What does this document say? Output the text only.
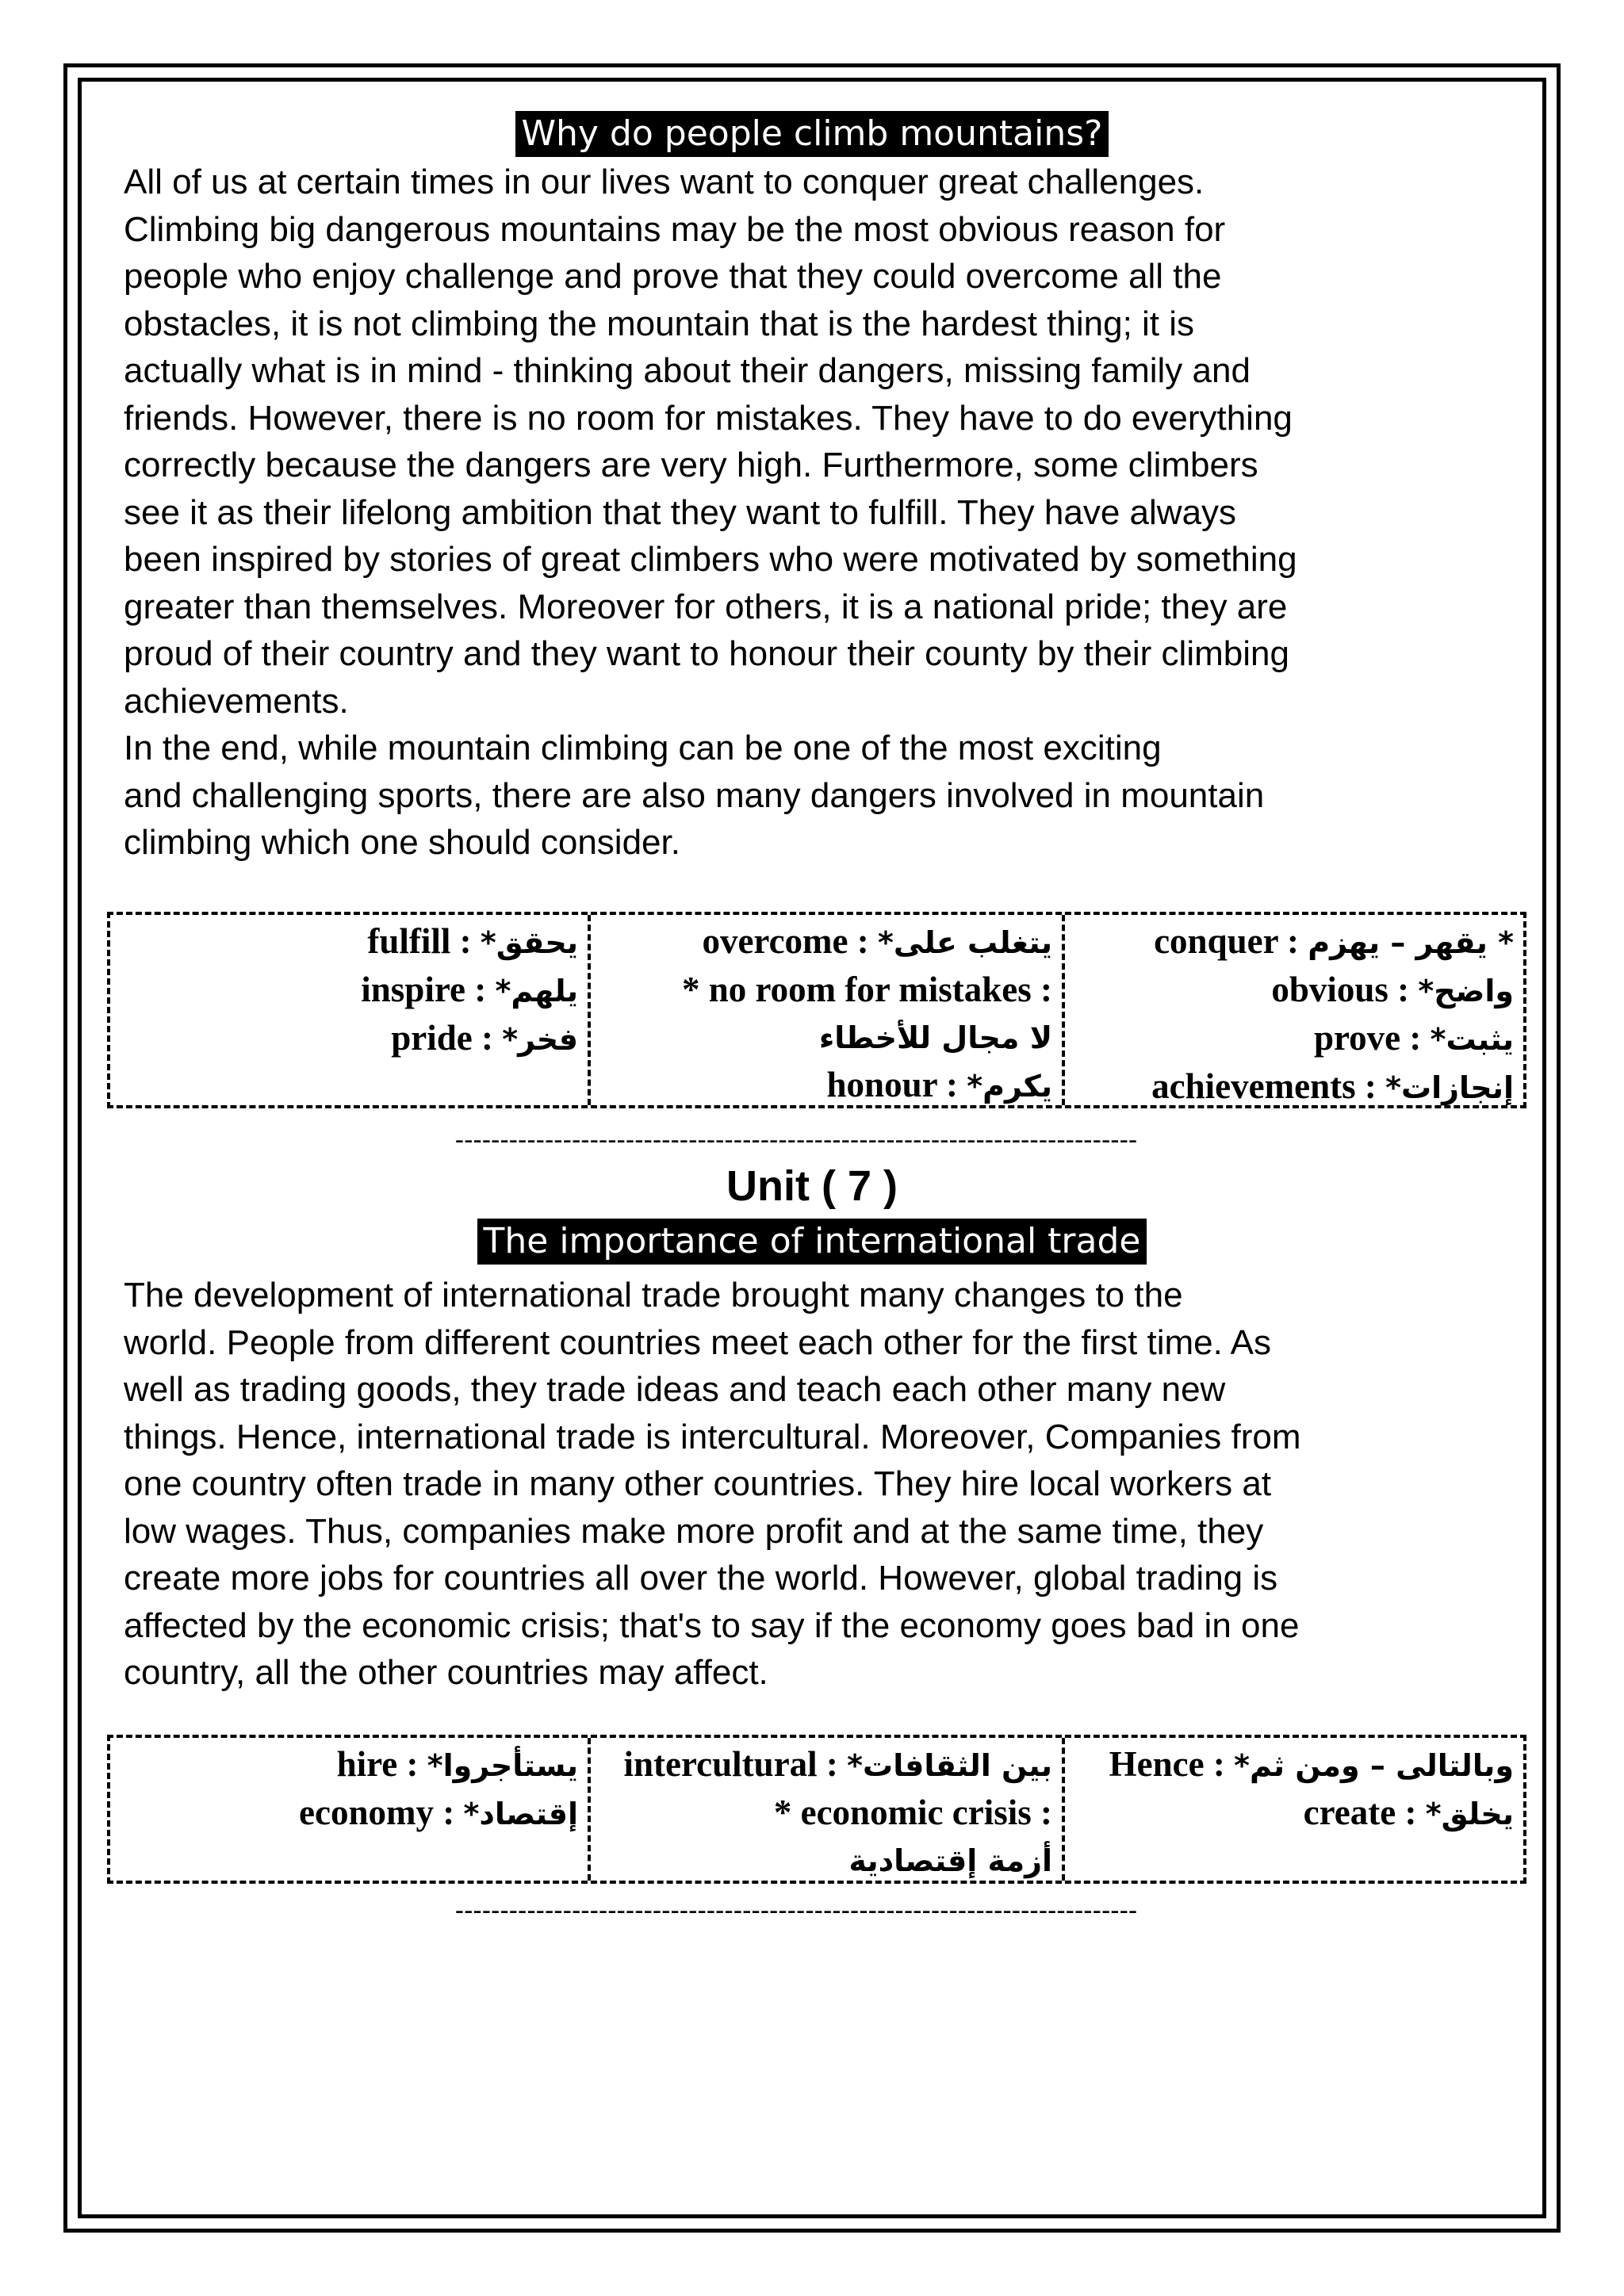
Why do people climb mountains?
All of us at certain times in our lives want to conquer great challenges.
Climbing big dangerous mountains may be the most obvious reason for
people who enjoy challenge and prove that they could overcome all the
obstacles, it is not climbing the mountain that is the hardest thing; it is
actually what is in mind - thinking about their dangers, missing family and
friends. However, there is no room for mistakes. They have to do everything
correctly because the dangers are very high. Furthermore, some climbers
see it as their lifelong ambition that they want to fulfill. They have always
been inspired by stories of great climbers who were motivated by something
greater than themselves. Moreover for others, it is a national pride; they are
proud of their country and they want to honour their county by their climbing
achievements.
In the end, while mountain climbing can be one of the most exciting
and challenging sports, there are also many dangers involved in mountain
climbing which one should consider.
يحقق* fulfill :
يلهم* inspire :
فخر* pride :
يتغلب على* overcome :
* no room for mistakes :
لا مجال للأخطاء
يكرم* honour :
* يقهر – يهزم conquer :
واضح* obvious :
يثبت* prove :
إنجازات* achievements :
----------------------------------------------------------------------------
Unit ( 7 )
The importance of international trade
The development of international trade brought many changes to the
world. People from different countries meet each other for the first time. As
well as trading goods, they trade ideas and teach each other many new
things. Hence, international trade is intercultural. Moreover, Companies from
one country often trade in many other countries. They hire local workers at
low wages. Thus, companies make more profit and at the same time, they
create more jobs for countries all over the world. However, global trading is
affected by the economic crisis; that's to say if the economy goes bad in one
country, all the other countries may affect.
يستأجروا* hire :
إقتصاد* economy :
بين الثقافات* intercultural :
* economic crisis :
أزمة إقتصادية
وبالتالى – ومن ثم* Hence :
يخلق* create :
----------------------------------------------------------------------------
